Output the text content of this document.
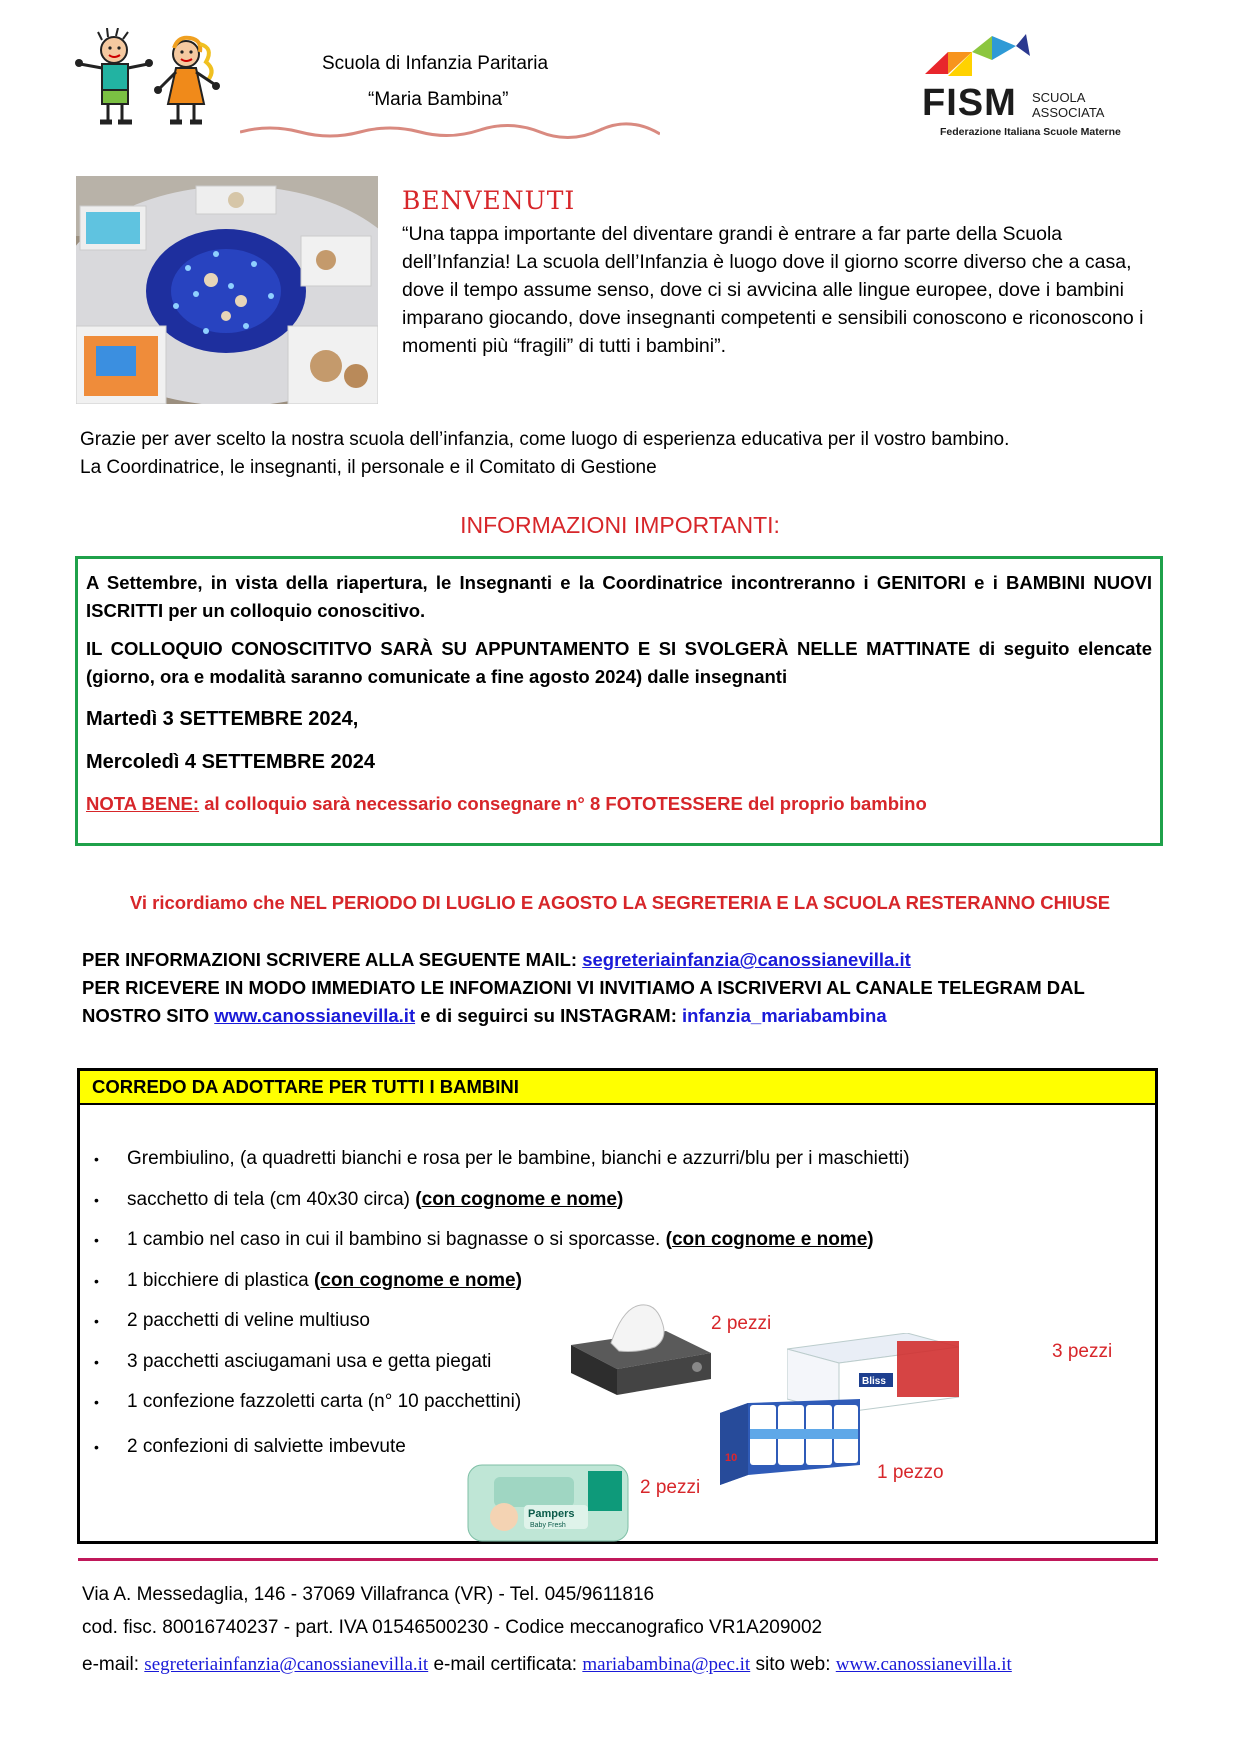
Scuola di Infanzia Paritaria
“Maria Bambina”	FISM SCUOLA
ASSOCIATA
Federazione Italiana Scuole Materne
BENVENUTI
“Una tappa importante del diventare grandi è entrare a far parte della Scuola dell’Infanzia! La scuola dell’Infanzia è luogo dove il giorno scorre diverso che a casa, dove il tempo assume senso, dove ci si avvicina alle lingue europee, dove i bambini imparano giocando, dove insegnanti competenti e sensibili conoscono e riconoscono i momenti più “fragili” di tutti i bambini”.
Grazie per aver scelto la nostra scuola dell’infanzia, come luogo di esperienza educativa per il vostro bambino.
La Coordinatrice, le insegnanti, il personale e il Comitato di Gestione
INFORMAZIONI IMPORTANTI:

A Settembre, in vista della riapertura, le Insegnanti e la Coordinatrice incontreranno i GENITORI e i BAMBINI NUOVI ISCRITTI per un colloquio conoscitivo.

IL COLLOQUIO CONOSCITITVO SARÀ SU APPUNTAMENTO E SI SVOLGERÀ NELLE MATTINATE di seguito elencate (giorno, ora e modalità saranno comunicate a fine agosto 2024) dalle insegnanti

Martedì 3 SETTEMBRE 2024,

Mercoledì 4 SETTEMBRE 2024

NOTA BENE: al colloquio sarà necessario consegnare n° 8 FOTOTESSERE del proprio bambino

Vi ricordiamo che NEL PERIODO DI LUGLIO E AGOSTO LA SEGRETERIA E LA SCUOLA RESTERANNO CHIUSE
PER INFORMAZIONI SCRIVERE ALLA SEGUENTE MAIL: segreteriainfanzia@canossianevilla.it
PER RICEVERE IN MODO IMMEDIATO LE INFOMAZIONI VI INVITIAMO A ISCRIVERVI AL CANALE TELEGRAM DAL
NOSTRO SITO www.canossianevilla.it e di seguirci su INSTAGRAM: infanzia_mariabambina
CORREDO DA ADOTTARE PER TUTTI I BAMBINI
• Grembiulino, (a quadretti bianchi e rosa per le bambine, bianchi e azzurri/blu per i maschietti)
• sacchetto di tela (cm 40x30 circa) (con cognome e nome)
• 1 cambio nel caso in cui il bambino si bagnasse o si sporcasse. (con cognome e nome)
• 1 bicchiere di plastica (con cognome e nome)
• 2 pacchetti di veline multiuso
• 3 pacchetti asciugamani usa e getta piegati
• 1 confezione fazzoletti carta (n° 10 pacchettini)
• 2 confezioni di salviette imbevute
2 pezzi
Bliss
3 pezzi
10
1 pezzo
Pampers
Baby Fresh
2 pezzi
Via A. Messedaglia, 146 - 37069 Villafranca (VR) - Tel. 045/9611816
cod. fisc. 80016740237 - part. IVA 01546500230 - Codice meccanografico VR1A209002
e-mail: segreteriainfanzia@canossianevilla.it e-mail certificata: mariabambina@pec.it sito web: www.canossianevilla.it
